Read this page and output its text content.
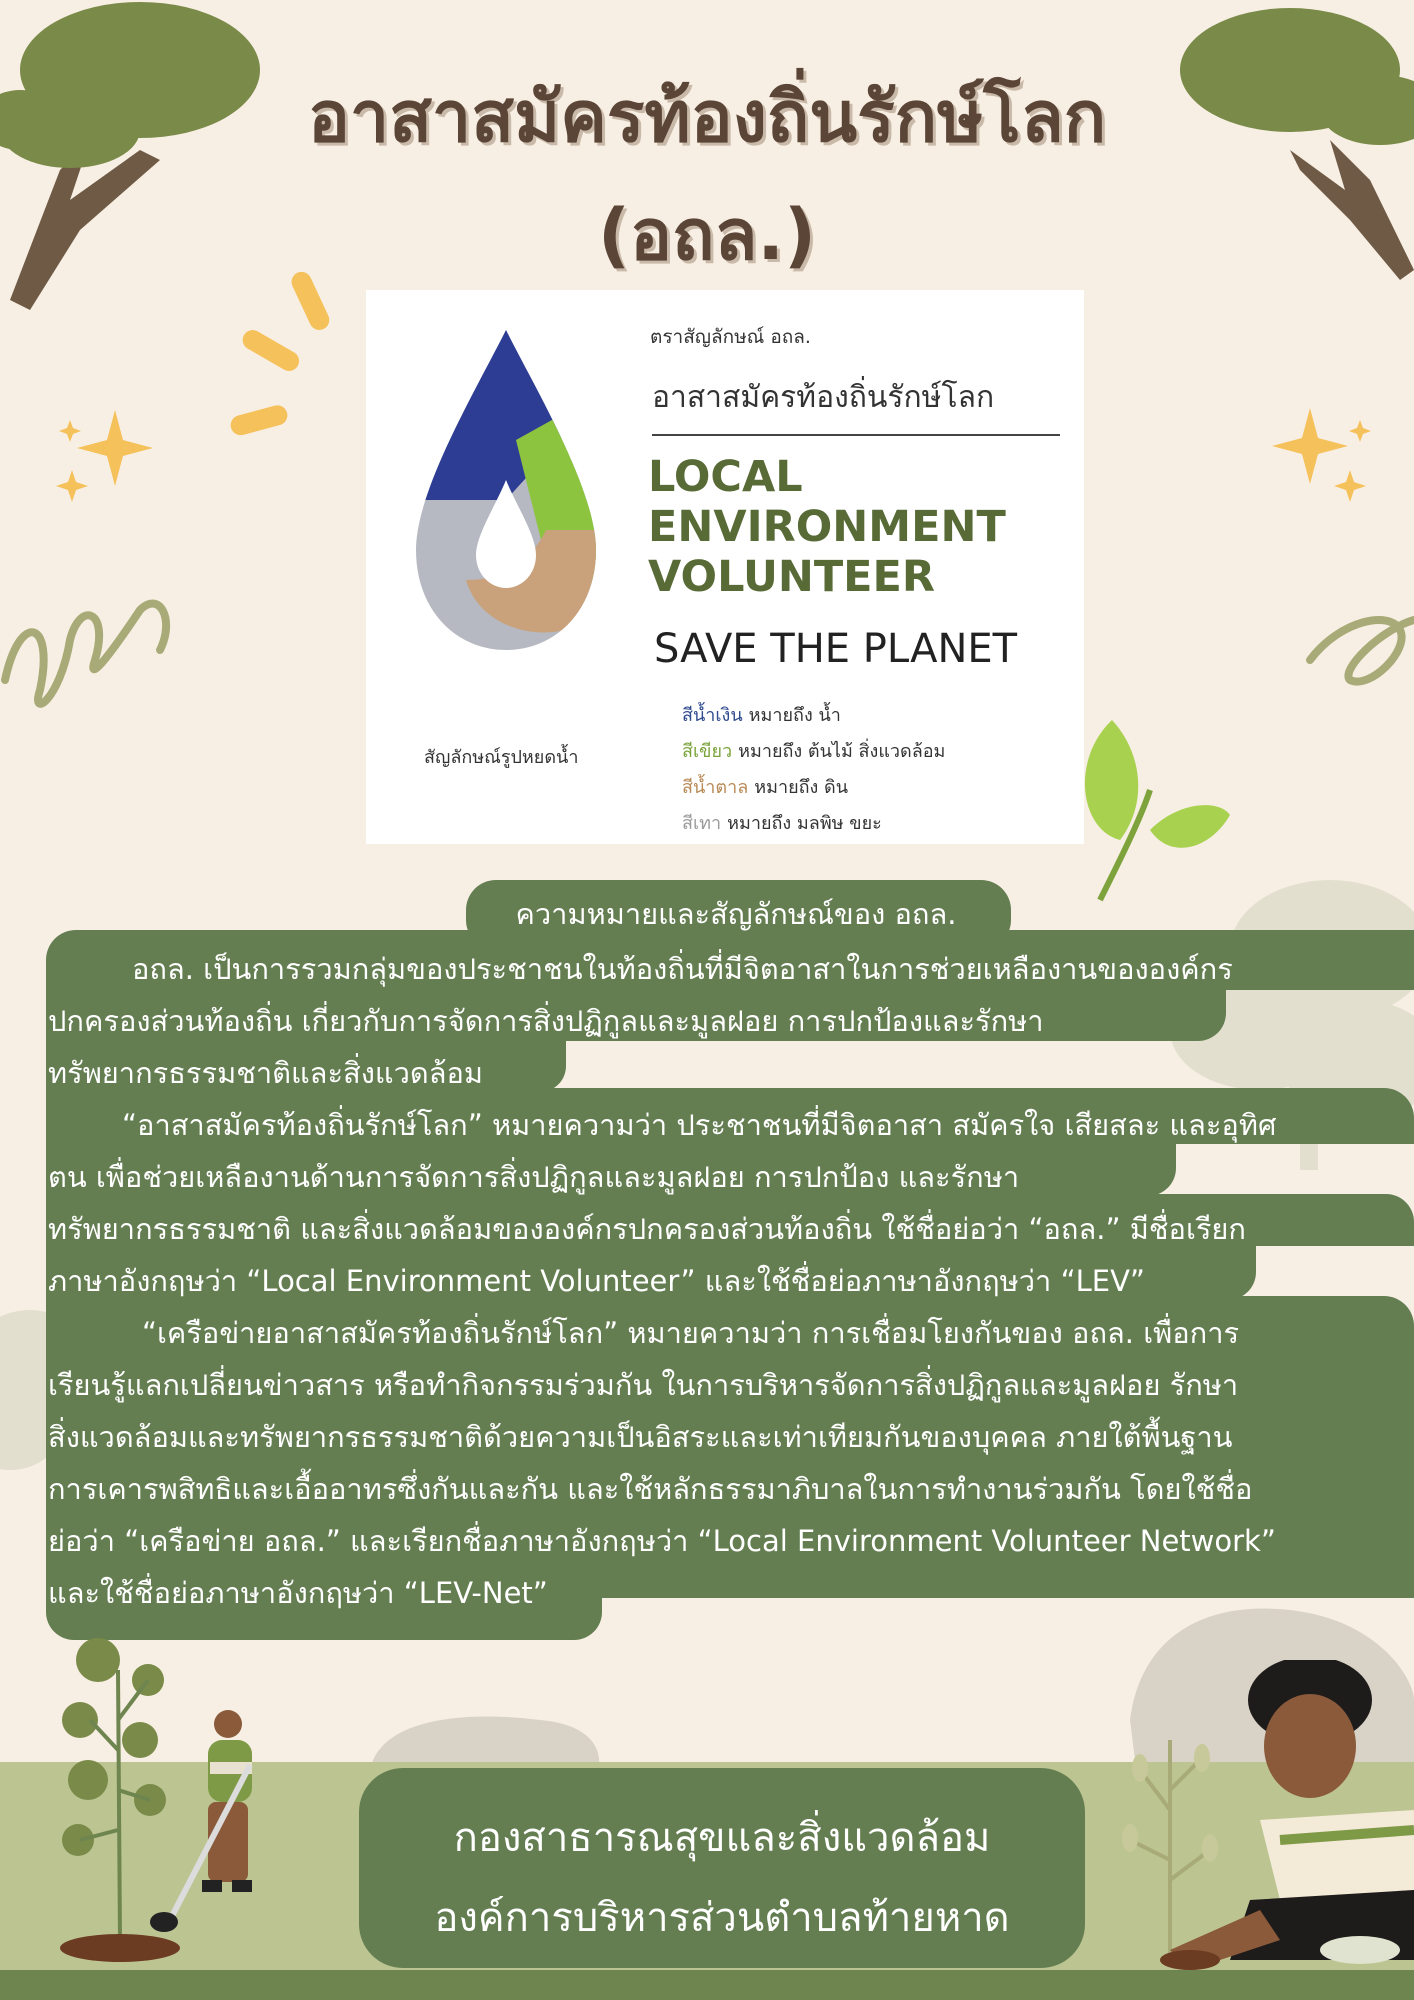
อาสาสมัครท้องถิ่นรักษ์โลก
(อถล.)
สัญลักษณ์รูปหยดน้ำ
ตราสัญลักษณ์ อถล.
อาสาสมัครท้องถิ่นรักษ์โลก
LOCAL
ENVIRONMENT
VOLUNTEER
SAVE THE PLANET
สีน้ำเงิน หมายถึง น้ำ
สีเขียว หมายถึง ต้นไม้ สิ่งแวดล้อม
สีน้ำตาล หมายถึง ดิน
สีเทา หมายถึง มลพิษ ขยะ
ความหมายและสัญลักษณ์ของ อถล.
อถล. เป็นการรวมกลุ่มของประชาชนในท้องถิ่นที่มีจิตอาสาในการช่วยเหลืองานขององค์กร
ปกครองส่วนท้องถิ่น เกี่ยวกับการจัดการสิ่งปฏิกูลและมูลฝอย การปกป้องและรักษา
ทรัพยากรธรรมชาติและสิ่งแวดล้อม
“อาสาสมัครท้องถิ่นรักษ์โลก” หมายความว่า ประชาชนที่มีจิตอาสา สมัครใจ เสียสละ และอุทิศ
ตน เพื่อช่วยเหลืองานด้านการจัดการสิ่งปฏิกูลและมูลฝอย การปกป้อง และรักษา
ทรัพยากรธรรมชาติ และสิ่งแวดล้อมขององค์กรปกครองส่วนท้องถิ่น ใช้ชื่อย่อว่า “อถล.” มีชื่อเรียก
ภาษาอังกฤษว่า “Local Environment Volunteer” และใช้ชื่อย่อภาษาอังกฤษว่า “LEV”
“เครือข่ายอาสาสมัครท้องถิ่นรักษ์โลก” หมายความว่า การเชื่อมโยงกันของ อถล. เพื่อการ
เรียนรู้แลกเปลี่ยนข่าวสาร หรือทำกิจกรรมร่วมกัน ในการบริหารจัดการสิ่งปฏิกูลและมูลฝอย รักษา
สิ่งแวดล้อมและทรัพยากรธรรมชาติด้วยความเป็นอิสระและเท่าเทียมกันของบุคคล ภายใต้พื้นฐาน
การเคารพสิทธิและเอื้ออาทรซึ่งกันและกัน และใช้หลักธรรมาภิบาลในการทำงานร่วมกัน โดยใช้ชื่อ
ย่อว่า “เครือข่าย อถล.” และเรียกชื่อภาษาอังกฤษว่า “Local Environment Volunteer Network”
และใช้ชื่อย่อภาษาอังกฤษว่า “LEV-Net”
กองสาธารณสุขและสิ่งแวดล้อม
องค์การบริหารส่วนตำบลท้ายหาด
